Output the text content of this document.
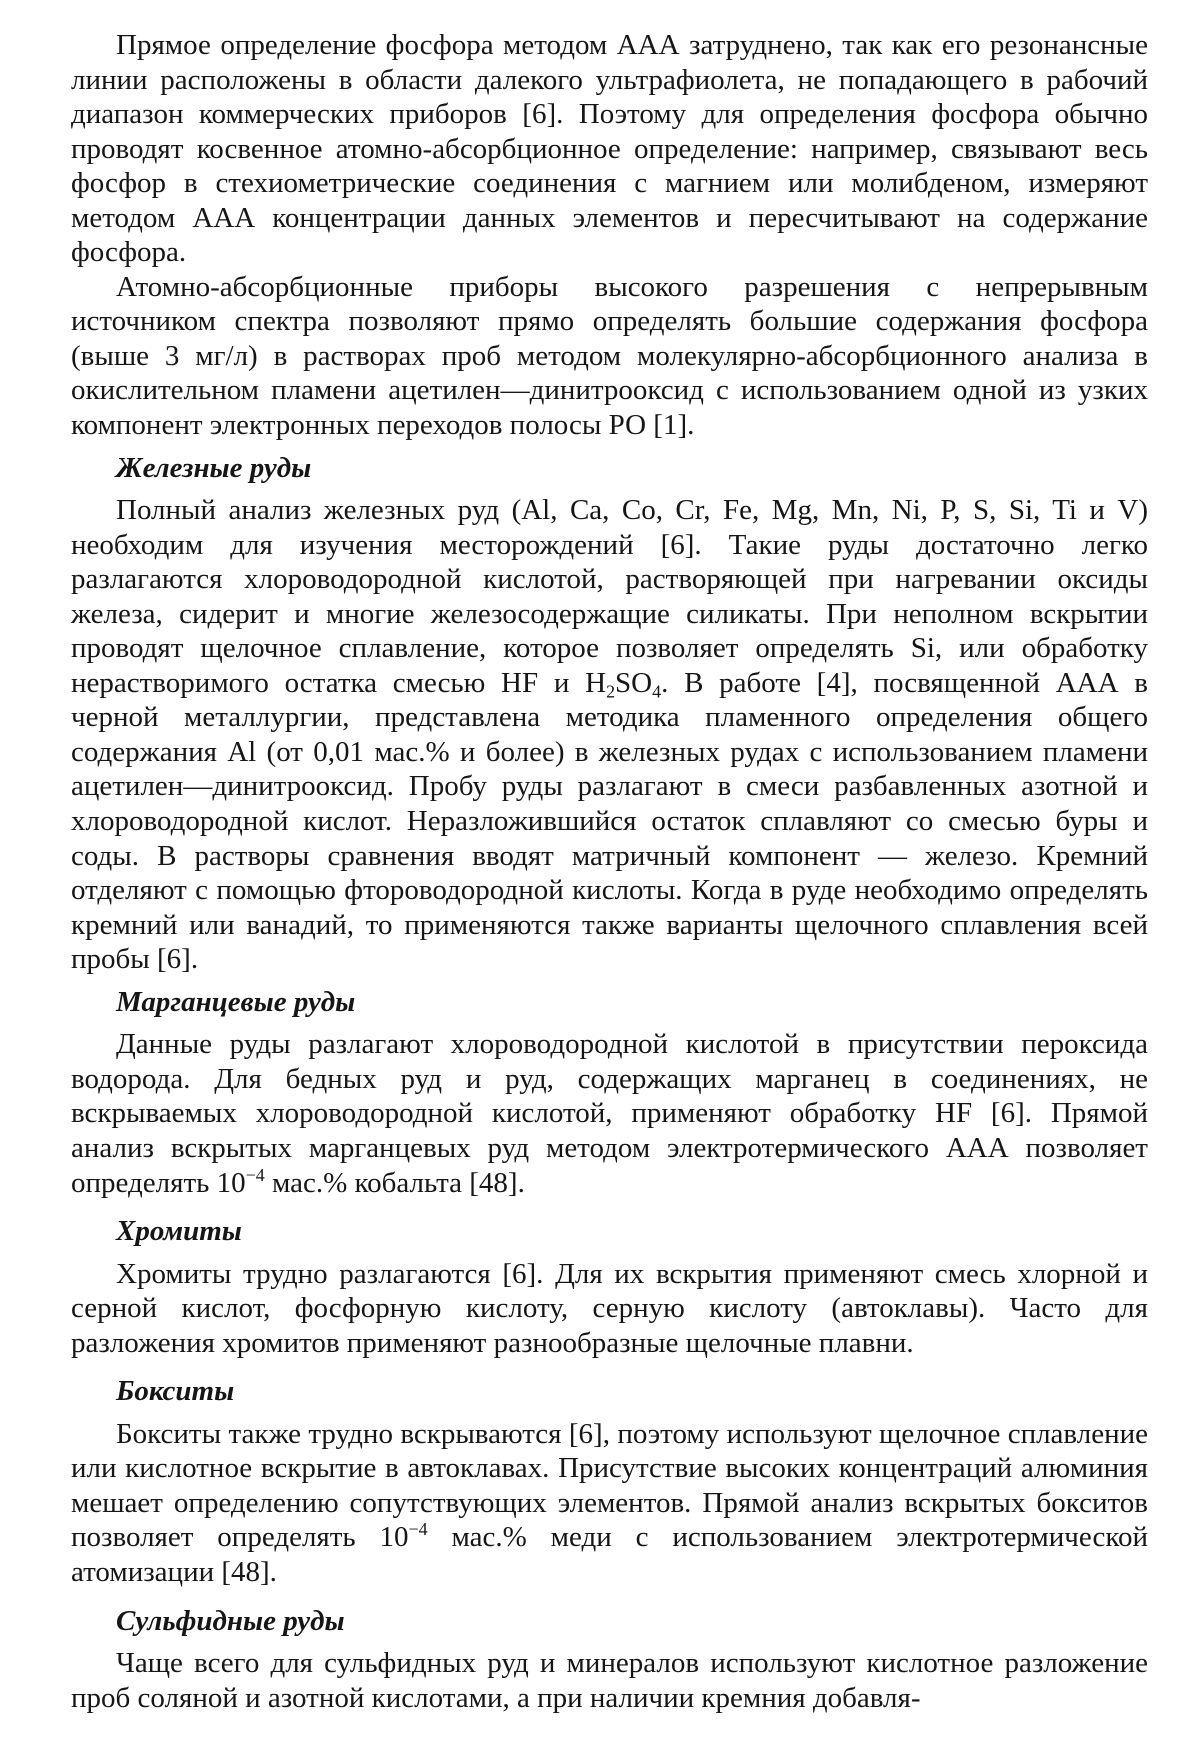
Прямое определение фосфора методом ААА затруднено, так как его резонансные линии расположены в области далекого ультрафиолета, не попадающего в рабочий диапазон коммерческих приборов [6]. Поэтому для определения фосфора обычно проводят косвенное атомно-абсорбционное определение: например, связывают весь фосфор в стехиометрические соединения с магнием или молибденом, измеряют методом ААА концентрации данных элементов и пересчитывают на содержание фосфора.

Атомно-абсорбционные приборы высокого разрешения с непрерывным источником спектра позволяют прямо определять большие содержания фосфора (выше 3 мг/л) в растворах проб методом молекулярно-абсорбционного анализа в окислительном пламени ацетилен—динитрооксид с использованием одной из узких компонент электронных переходов полосы РО [1].

Железные руды

Полный анализ железных руд (Al, Ca, Co, Cr, Fe, Mg, Mn, Ni, P, S, Si, Ti и V) необходим для изучения месторождений [6]. Такие руды достаточно легко разлагаются хлороводородной кислотой, растворяющей при нагревании оксиды железа, сидерит и многие железосодержащие силикаты. При неполном вскрытии проводят щелочное сплавление, которое позволяет определять Si, или обработку нерастворимого остатка смесью HF и H2SO4. В работе [4], посвященной ААА в черной металлургии, представлена методика пламенного определения общего содержания Al (от 0,01 мас.% и более) в железных рудах с использованием пламени ацетилен—динитрооксид. Пробу руды разлагают в смеси разбавленных азотной и хлороводородной кислот. Неразложившийся остаток сплавляют со смесью буры и соды. В растворы сравнения вводят матричный компонент — железо. Кремний отделяют с помощью фтороводородной кислоты. Когда в руде необходимо определять кремний или ванадий, то применяются также варианты щелочного сплавления всей пробы [6].

Марганцевые руды

Данные руды разлагают хлороводородной кислотой в присутствии пероксида водорода. Для бедных руд и руд, содержащих марганец в соединениях, не вскрываемых хлороводородной кислотой, применяют обработку HF [6]. Прямой анализ вскрытых марганцевых руд методом электротермического ААА позволяет определять 10−4 мас.% кобальта [48].

Хромиты

Хромиты трудно разлагаются [6]. Для их вскрытия применяют смесь хлорной и серной кислот, фосфорную кислоту, серную кислоту (автоклавы). Часто для разложения хромитов применяют разнообразные щелочные плавни.

Бокситы

Бокситы также трудно вскрываются [6], поэтому используют щелочное сплавление или кислотное вскрытие в автоклавах. Присутствие высоких концентраций алюминия мешает определению сопутствующих элементов. Прямой анализ вскрытых бокситов позволяет определять 10−4 мас.% меди с использованием электротермической атомизации [48].

Сульфидные руды

Чаще всего для сульфидных руд и минералов используют кислотное разложение проб соляной и азотной кислотами, а при наличии кремния добавля-
